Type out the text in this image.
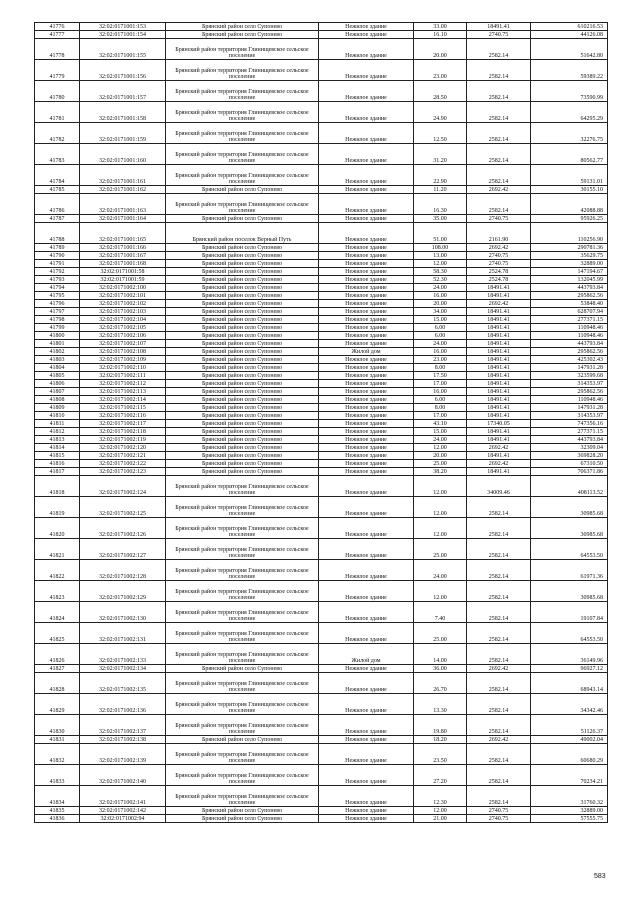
41776	32:02:0171001:153	Брянский район село Супонево	Нежилое здание	33.00	18491.41	610216.53
41777	32:02:0171001:154	Брянский район село Супонево	Нежилое здание	16.10	2740.75	44126.08
41778	32:02:0171001:155	Брянский район территория Глинищевское сельское поселение	Нежилое здание	20.00	2582.14	51642.80
41779	32:02:0171001:156	Брянский район территория Глинищевское сельское поселение	Нежилое здание	23.00	2582.14	59389.22
41780	32:02:0171001:157	Брянский район территория Глинищевское сельское поселение	Нежилое здание	28.50	2582.14	73590.99
41781	32:02:0171001:158	Брянский район территория Глинищевское сельское поселение	Нежилое здание	24.90	2582.14	64295.29
41782	32:02:0171001:159	Брянский район территория Глинищевское сельское поселение	Нежилое здание	12.50	2582.14	32276.75
41783	32:02:0171001:160	Брянский район территория Глинищевское сельское поселение	Нежилое здание	31.20	2582.14	80562.77
41784	32:02:0171001:161	Брянский район территория Глинищевское сельское поселение	Нежилое здание	22.90	2582.14	59131.01
41785	32:02:0171001:162	Брянский район село Супонево	Нежилое здание	11.20	2692.42	30155.10
41786	32:02:0171001:163	Брянский район территория Глинищевское сельское поселение	Нежилое здание	16.30	2582.14	42088.88
41787	32:02:0171001:164	Брянский район село Супонево	Нежилое здание	35.00	2740.75	95926.25
41788	32:02:0171001:165	Брянский район поселок Верный Путь	Нежилое здание	51.00	2161.90	110256.90
41789	32:02:0171001:166	Брянский район село Супонево	Нежилое здание	108.00	2692.42	290781.36
41790	32:02:0171001:167	Брянский район село Супонево	Нежилое здание	13.00	2740.75	35629.75
41791	32:02:0171001:168	Брянский район село Супонево	Нежилое здание	12.00	2740.75	32889.00
41792	32:02:0171001:58	Брянский район село Супонево	Нежилое здание	58.30	2524.78	147194.67
41793	32:02:0171001:59	Брянский район село Супонево	Нежилое здание	52.30	2524.78	132045.99
41794	32:02:0171002:100	Брянский район село Супонево	Нежилое здание	24.00	18491.41	443793.84
41795	32:02:0171002:101	Брянский район село Супонево	Нежилое здание	16.00	18491.41	295862.56
41796	32:02:0171002:102	Брянский район село Супонево	Нежилое здание	20.00	2692.42	53848.40
41797	32:02:0171002:103	Брянский район село Супонево	Нежилое здание	34.00	18491.41	628707.94
41798	32:02:0171002:104	Брянский район село Супонево	Нежилое здание	15.00	18491.41	277371.15
41799	32:02:0171002:105	Брянский район село Супонево	Нежилое здание	6.00	18491.41	110948.46
41800	32:02:0171002:106	Брянский район село Супонево	Нежилое здание	6.00	18491.41	110948.46
41801	32:02:0171002:107	Брянский район село Супонево	Нежилое здание	24.00	18491.41	443793.84
41802	32:02:0171002:108	Брянский район село Супонево	Жилой дом	16.00	18491.41	295862.56
41803	32:02:0171002:109	Брянский район село Супонево	Нежилое здание	23.00	18491.41	425302.43
41804	32:02:0171002:110	Брянский район село Супонево	Нежилое здание	8.00	18491.41	147931.28
41805	32:02:0171002:111	Брянский район село Супонево	Нежилое здание	17.50	18491.41	323599.68
41806	32:02:0171002:112	Брянский район село Супонево	Нежилое здание	17.00	18491.41	314353.97
41807	32:02:0171002:113	Брянский район село Супонево	Нежилое здание	16.00	18491.41	295862.56
41808	32:02:0171002:114	Брянский район село Супонево	Нежилое здание	6.00	18491.41	110948.46
41809	32:02:0171002:115	Брянский район село Супонево	Нежилое здание	8.00	18491.41	147931.28
41810	32:02:0171002:116	Брянский район село Супонево	Нежилое здание	17.00	18491.41	314353.97
41811	32:02:0171002:117	Брянский район село Супонево	Нежилое здание	43.10	17340.05	747356.16
41812	32:02:0171002:118	Брянский район село Супонево	Нежилое здание	15.00	18491.41	277371.15
41813	32:02:0171002:119	Брянский район село Супонево	Нежилое здание	24.00	18491.41	443793.84
41814	32:02:0171002:120	Брянский район село Супонево	Нежилое здание	12.00	2692.42	32309.04
41815	32:02:0171002:121	Брянский район село Супонево	Нежилое здание	20.00	18491.41	369828.20
41816	32:02:0171002:122	Брянский район село Супонево	Нежилое здание	25.00	2692.42	67310.50
41817	32:02:0171002:123	Брянский район село Супонево	Нежилое здание	38.20	18491.41	706371.86
41818	32:02:0171002:124	Брянский район территория Глинищевское сельское поселение	Нежилое здание	12.00	34009.46	408113.52
41819	32:02:0171002:125	Брянский район территория Глинищевское сельское поселение	Нежилое здание	12.00	2582.14	30985.68
41820	32:02:0171002:126	Брянский район территория Глинищевское сельское поселение	Нежилое здание	12.00	2582.14	30985.68
41821	32:02:0171002:127	Брянский район территория Глинищевское сельское поселение	Нежилое здание	25.00	2582.14	64553.50
41822	32:02:0171002:128	Брянский район территория Глинищевское сельское поселение	Нежилое здание	24.00	2582.14	61971.36
41823	32:02:0171002:129	Брянский район территория Глинищевское сельское поселение	Нежилое здание	12.00	2582.14	30985.68
41824	32:02:0171002:130	Брянский район территория Глинищевское сельское поселение	Нежилое здание	7.40	2582.14	19107.84
41825	32:02:0171002:131	Брянский район территория Глинищевское сельское поселение	Нежилое здание	25.00	2582.14	64553.50
41826	32:02:0171002:133	Брянский район территория Глинищевское сельское поселение	Жилой дом	14.00	2582.14	36149.96
41827	32:02:0171002:134	Брянский район село Супонево	Нежилое здание	36.00	2692.42	96927.12
41828	32:02:0171002:135	Брянский район территория Глинищевское сельское поселение	Нежилое здание	26.70	2582.14	68943.14
41829	32:02:0171002:136	Брянский район территория Глинищевское сельское поселение	Нежилое здание	13.30	2582.14	34342.46
41830	32:02:0171002:137	Брянский район территория Глинищевское сельское поселение	Нежилое здание	19.80	2582.14	51126.37
41831	32:02:0171002:138	Брянский район село Супонево	Нежилое здание	18.20	2692.42	49002.04
41832	32:02:0171002:139	Брянский район территория Глинищевское сельское поселение	Нежилое здание	23.50	2582.14	60680.29
41833	32:02:0171002:140	Брянский район территория Глинищевское сельское поселение	Нежилое здание	27.20	2582.14	70234.21
41834	32:02:0171002:141	Брянский район территория Глинищевское сельское поселение	Нежилое здание	12.30	2582.14	31760.32
41835	32:02:0171002:142	Брянский район село Супонево	Нежилое здание	12.00	2740.75	32889.00
41836	32:02:0171002:94	Брянский район село Супонево	Нежилое здание	21.00	2740.75	57555.75
583
